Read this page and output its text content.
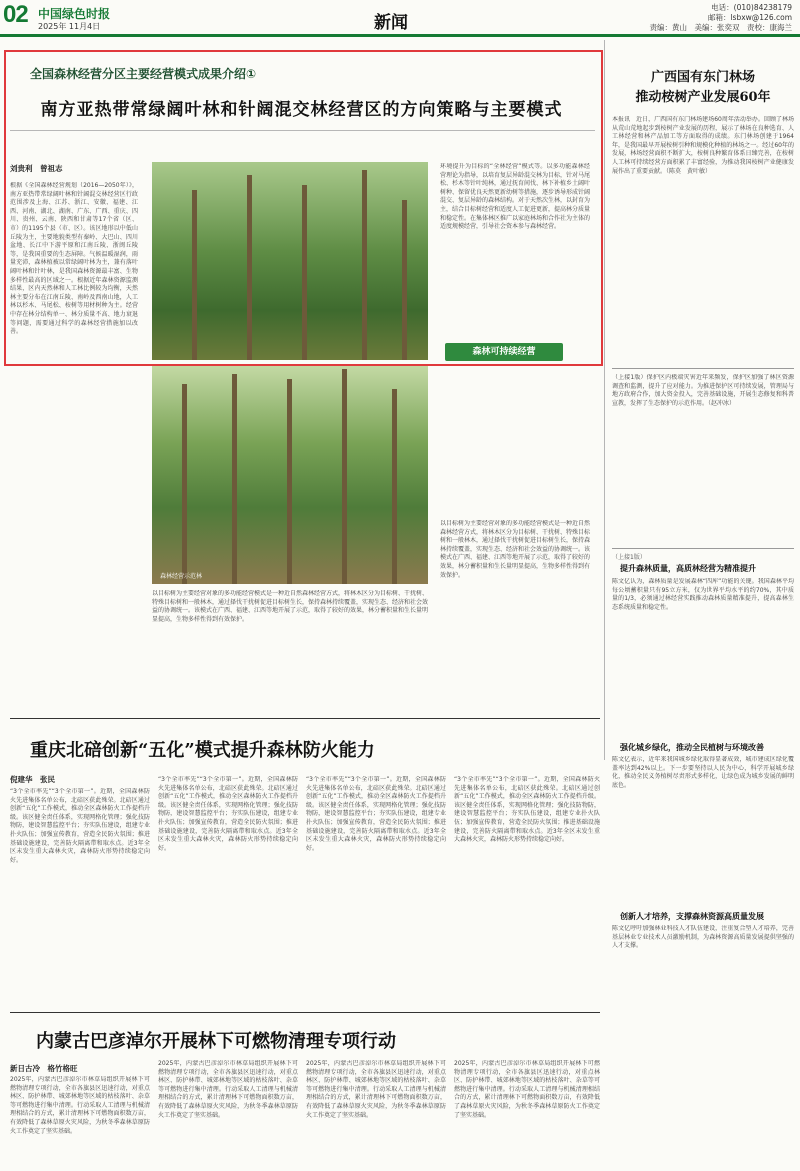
02 中国绿色时报
2025年 11月4日	新闻
电话：(010)84238179
邮箱：lsbxw@126.com
责编：黄山　美编：张奕双　责校：康海兰
全国森林经营分区主要经营模式成果介绍①
南方亚热带常绿阔叶林和针阔混交林经营区的方向策略与主要模式
刘贵利　曾祖志

根据《全国森林经营规划（2016—2050年）》，南方亚热带常绿阔叶林和针阔混交林经营区行政范围涉及上海、江苏、浙江、安徽、福建、江西、河南、湖北、湖南、广东、广西、重庆、四川、贵州、云南、陕西和甘肃等17个省（区、市）的1195个县（市、区）。该区地形以中低山丘陵为主，主要地貌类型有秦岭、大巴山、四川盆地、长江中下游平原和江南丘陵、浙闽丘陵等，是我国重要的生态屏障。气候温暖湿润，雨量充沛，森林植被以常绿阔叶林为主，兼有落叶阔叶林和针叶林，是我国森林资源最丰富、生物多样性最高的区域之一。根据近年森林资源监测结果，区内天然林和人工林比例较为均衡，天然林主要分布在江南丘陵、南岭及西南山地，人工林以杉木、马尾松、桉树等用材树种为主。经营中存在林分结构单一、林分质量不高、地力衰退等问题，需要通过科学的森林经营措施加以改善。

森林经营示范林

以目标树为主要经营对象的多功能经营模式是一种近自然森林经营方式，将林木区分为目标树、干扰树、特殊目标树和一般林木，通过择伐干扰树促进目标树生长，保持森林持续覆盖，实现生态、经济和社会效益的协调统一。该模式在广西、福建、江西等地开展了示范，取得了较好的效果，林分蓄积量和生长量明显提高，生物多样性得到有效保护。

环境提升为目标的“全林经营”模式等。以多功能森林经营理论为指导，以培育复层异龄混交林为目标，针对马尾松、杉木等针叶纯林，通过抚育间伐、林下补植乡土阔叶树种、保留优良天然更新幼树等措施，逐步诱导形成针阔混交、复层异龄的森林结构。对于天然次生林，以封育为主，结合目标树经营和适度人工促进更新，提高林分质量和稳定性。在集体林区推广以家庭林场和合作社为主体的适度规模经营，引导社会资本参与森林经营。

以目标树为主要经营对象的多功能经营模式是一种近自然森林经营方式，将林木区分为目标树、干扰树、特殊目标树和一般林木，通过择伐干扰树促进目标树生长，保持森林持续覆盖，实现生态、经济和社会效益的协调统一。该模式在广西、福建、江西等地开展了示范，取得了较好的效果，林分蓄积量和生长量明显提高，生物多样性得到有效保护。

森林可持续经营
广西国有东门林场
推动桉树产业发展60年

本报讯　近日，广西国有东门林场建场60周年活动举办。回顾了林场从荒山荒地起步到桉树产业发展的历程，展示了林场在良种选育、人工林经营和林产品加工等方面取得的成绩。东门林场创建于1964年，是我国最早开展桉树引种和规模化种植的林场之一。经过60年的发展，林场经营面积不断扩大，桉树良种繁育体系日臻完善，在桉树人工林可持续经营方面积累了丰富经验，为推动我国桉树产业健康发展作出了重要贡献。（陈莫　黄叶敏）

（上接1版）保护区内极端灾害近年来频发，保护区加强了林区资源调查和监测，提升了应对能力。为推进保护区可持续发展，管理局与地方政府合作，加大资金投入，完善基础设施，开展生态修复和科普宣教，发挥了生态保护的示范作用。（赵冲冰）

（上接1版）
提升森林质量，高质林经营为精准提升

陈文亿认为，森林质量是发展森林“四库”功能的关键。我国森林平均每公顷蓄积量只有95立方米，仅为世界平均水平的约70%，其中质量的1/3，必须通过林经营实践推动森林质量精准提升，提高森林生态系统质量和稳定性。

强化城乡绿化，推动全民植树与环境改善

陈文亿表示，近年来我国城乡绿化取得显著成效，城市建成区绿化覆盖率达到42%以上。下一步要坚持以人民为中心，科学开展城乡绿化，推动全民义务植树尽责形式多样化，让绿色成为城乡发展的鲜明底色。

创新人才培养，支撑森林资源高质量发展

陈文亿呼吁加强林业科技人才队伍建设，注重复合型人才培养，完善基层林业专业技术人员激励机制，为森林资源高质量发展提供坚强的人才支撑。

重庆北碚创新“五化”模式提升森林防火能力
倪建华　张民

“3个全市率先”“3个全市第一”。近期，全国森林防火先进集体名单公布，北碚区获此殊荣。北碚区通过创新“五化”工作模式，推动全区森林防火工作提档升级。该区健全责任体系，实现网格化管理；强化技防物防，建设智慧监控平台；夯实队伍建设，组建专业扑火队伍；加强宣传教育，营造全民防火氛围；推进基础设施建设，完善防火隔离带和取水点。近3年全区未发生重大森林火灾，森林防火形势持续稳定向好。

“3个全市率先”“3个全市第一”。近期，全国森林防火先进集体名单公布，北碚区获此殊荣。北碚区通过创新“五化”工作模式，推动全区森林防火工作提档升级。该区健全责任体系，实现网格化管理；强化技防物防，建设智慧监控平台；夯实队伍建设，组建专业扑火队伍；加强宣传教育，营造全民防火氛围；推进基础设施建设，完善防火隔离带和取水点。近3年全区未发生重大森林火灾，森林防火形势持续稳定向好。

“3个全市率先”“3个全市第一”。近期，全国森林防火先进集体名单公布，北碚区获此殊荣。北碚区通过创新“五化”工作模式，推动全区森林防火工作提档升级。该区健全责任体系，实现网格化管理；强化技防物防，建设智慧监控平台；夯实队伍建设，组建专业扑火队伍；加强宣传教育，营造全民防火氛围；推进基础设施建设，完善防火隔离带和取水点。近3年全区未发生重大森林火灾，森林防火形势持续稳定向好。

“3个全市率先”“3个全市第一”。近期，全国森林防火先进集体名单公布，北碚区获此殊荣。北碚区通过创新“五化”工作模式，推动全区森林防火工作提档升级。该区健全责任体系，实现网格化管理；强化技防物防，建设智慧监控平台；夯实队伍建设，组建专业扑火队伍；加强宣传教育，营造全民防火氛围；推进基础设施建设，完善防火隔离带和取水点。近3年全区未发生重大森林火灾，森林防火形势持续稳定向好。

内蒙古巴彦淖尔开展林下可燃物清理专项行动
新日古冷　格竹格旺

2025年，内蒙古巴彦淖尔市林草局组织开展林下可燃物清理专项行动，全市各旗县区迅速行动，对重点林区、防护林带、城郊林地等区域的枯枝落叶、杂草等可燃物进行集中清理。行动采取人工清理与机械清理相结合的方式，累计清理林下可燃物面积数万亩，有效降低了森林草原火灾风险，为秋冬季森林草原防火工作奠定了坚实基础。

2025年，内蒙古巴彦淖尔市林草局组织开展林下可燃物清理专项行动，全市各旗县区迅速行动，对重点林区、防护林带、城郊林地等区域的枯枝落叶、杂草等可燃物进行集中清理。行动采取人工清理与机械清理相结合的方式，累计清理林下可燃物面积数万亩，有效降低了森林草原火灾风险，为秋冬季森林草原防火工作奠定了坚实基础。

2025年，内蒙古巴彦淖尔市林草局组织开展林下可燃物清理专项行动，全市各旗县区迅速行动，对重点林区、防护林带、城郊林地等区域的枯枝落叶、杂草等可燃物进行集中清理。行动采取人工清理与机械清理相结合的方式，累计清理林下可燃物面积数万亩，有效降低了森林草原火灾风险，为秋冬季森林草原防火工作奠定了坚实基础。

2025年，内蒙古巴彦淖尔市林草局组织开展林下可燃物清理专项行动，全市各旗县区迅速行动，对重点林区、防护林带、城郊林地等区域的枯枝落叶、杂草等可燃物进行集中清理。行动采取人工清理与机械清理相结合的方式，累计清理林下可燃物面积数万亩，有效降低了森林草原火灾风险，为秋冬季森林草原防火工作奠定了坚实基础。
